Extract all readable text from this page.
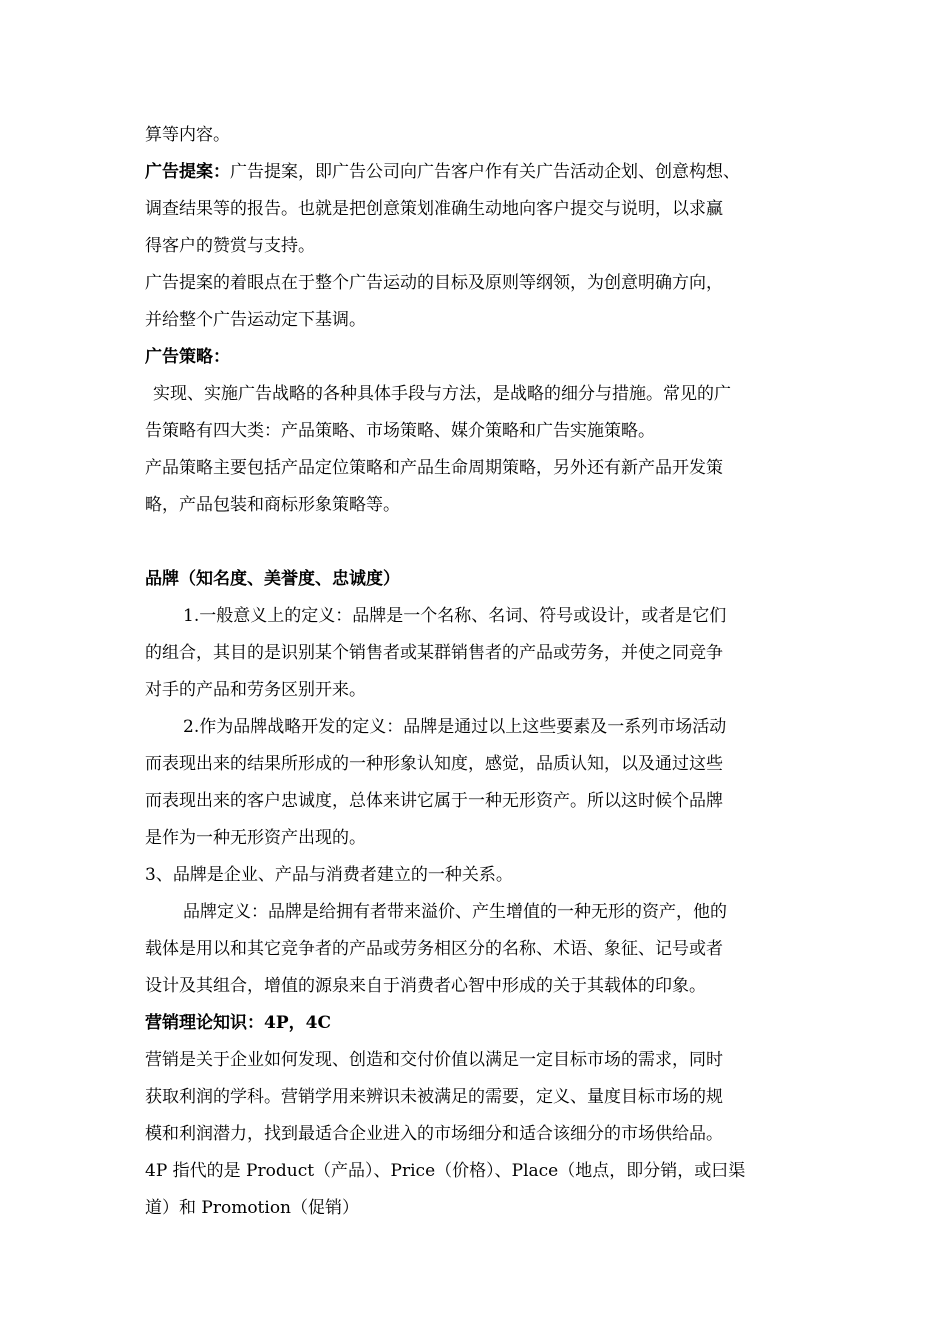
算等内容。
广告提案：广告提案，即广告公司向广告客户作有关广告活动企划、创意构想、
调查结果等的报告。也就是把创意策划准确生动地向客户提交与说明，以求赢
得客户的赞赏与支持。
广告提案的着眼点在于整个广告运动的目标及原则等纲领，为创意明确方向，
并给整个广告运动定下基调。
广告策略：
实现、实施广告战略的各种具体手段与方法，是战略的细分与措施。常见的广
告策略有四大类：产品策略、市场策略、媒介策略和广告实施策略。
产品策略主要包括产品定位策略和产品生命周期策略，另外还有新产品开发策
略，产品包装和商标形象策略等。
品牌（知名度、美誉度、忠诚度）
1.一般意义上的定义：品牌是一个名称、名词、符号或设计，或者是它们
的组合，其目的是识别某个销售者或某群销售者的产品或劳务，并使之同竞争
对手的产品和劳务区别开来。
2.作为品牌战略开发的定义：品牌是通过以上这些要素及一系列市场活动
而表现出来的结果所形成的一种形象认知度，感觉，品质认知，以及通过这些
而表现出来的客户忠诚度，总体来讲它属于一种无形资产。所以这时候个品牌
是作为一种无形资产出现的。
3、品牌是企业、产品与消费者建立的一种关系。
品牌定义：品牌是给拥有者带来溢价、产生增值的一种无形的资产，他的
载体是用以和其它竞争者的产品或劳务相区分的名称、术语、象征、记号或者
设计及其组合，增值的源泉来自于消费者心智中形成的关于其载体的印象。
营销理论知识：4P，4C
营销是关于企业如何发现、创造和交付价值以满足一定目标市场的需求，同时
获取利润的学科。营销学用来辨识未被满足的需要，定义、量度目标市场的规
模和利润潜力，找到最适合企业进入的市场细分和适合该细分的市场供给品。
4P 指代的是 Product（产品）、Price（价格）、Place（地点，即分销，或曰渠
道）和 Promotion（促销）
